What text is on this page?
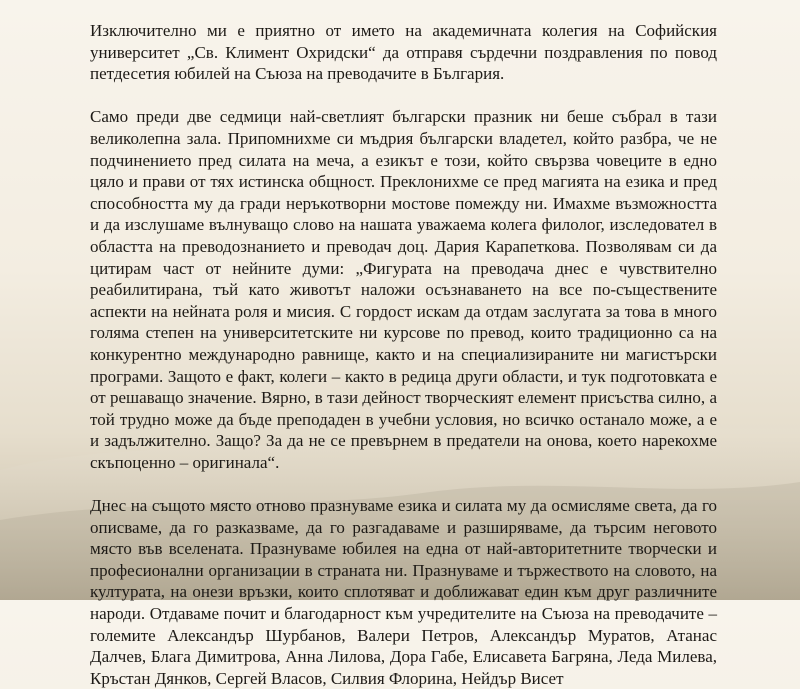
Изключително ми е приятно от името на академичната колегия на Софийския университет „Св. Климент Охридски“ да отправя сърдечни поздравления по повод петдесетия юбилей на Съюза на преводачите в България.

Само преди две седмици най-светлият български празник ни беше събрал в тази великолепна зала. Припомнихме си мъдрия български владетел, който разбра, че не подчинението пред силата на меча, а езикът е този, който свързва човеците в едно цяло и прави от тях истинска общност. Преклонихме се пред магията на езика и пред способността му да гради неръкотворни мостове помежду ни. Имахме възможността и да изслушаме вълнуващо слово на нашата уважаема колега филолог, изследовател в областта на преводознанието и преводач доц. Дария Карапеткова. Позволявам си да цитирам част от нейните думи: „Фигурата на преводача днес е чувствително реабилитирана, тъй като животът наложи осъзнаването на все по-съществените аспекти на нейната роля и мисия. С гордост искам да отдам заслугата за това в много голяма степен на университетските ни курсове по превод, които традиционно са на конкурентно международно равнище, както и на специализираните ни магистърски програми. Защото е факт, колеги – както в редица други области, и тук подготовката е от решаващо значение. Вярно, в тази дейност творческият елемент присъства силно, а той трудно може да бъде преподаден в учебни условия, но всичко останало може, а е и задължително. Защо? За да не се превърнем в предатели на онова, което нарекохме скъпоценно – оригинала“.

Днес на същото място отново празнуваме езика и силата му да осмисляме света, да го описваме, да го разказваме, да го разгадаваме и разширяваме, да търсим неговото място във вселената. Празнуваме юбилея на една от най-авторитетните творчески и професионални организации в страната ни. Празнуваме и тържеството на словото, на културата, на онези връзки, които сплотяват и доближават един към друг различните народи. Отдаваме почит и благодарност към учредителите на Съюза на преводачите – големите Александър Шурбанов, Валери Петров, Александър Муратов, Атанас Далчев, Блага Димитрова, Анна Лилова, Дора Габе, Елисавета Багряна, Леда Милева, Кръстан Дянков, Сергей Власов, Силвия Флорина, Нейдър Висет
